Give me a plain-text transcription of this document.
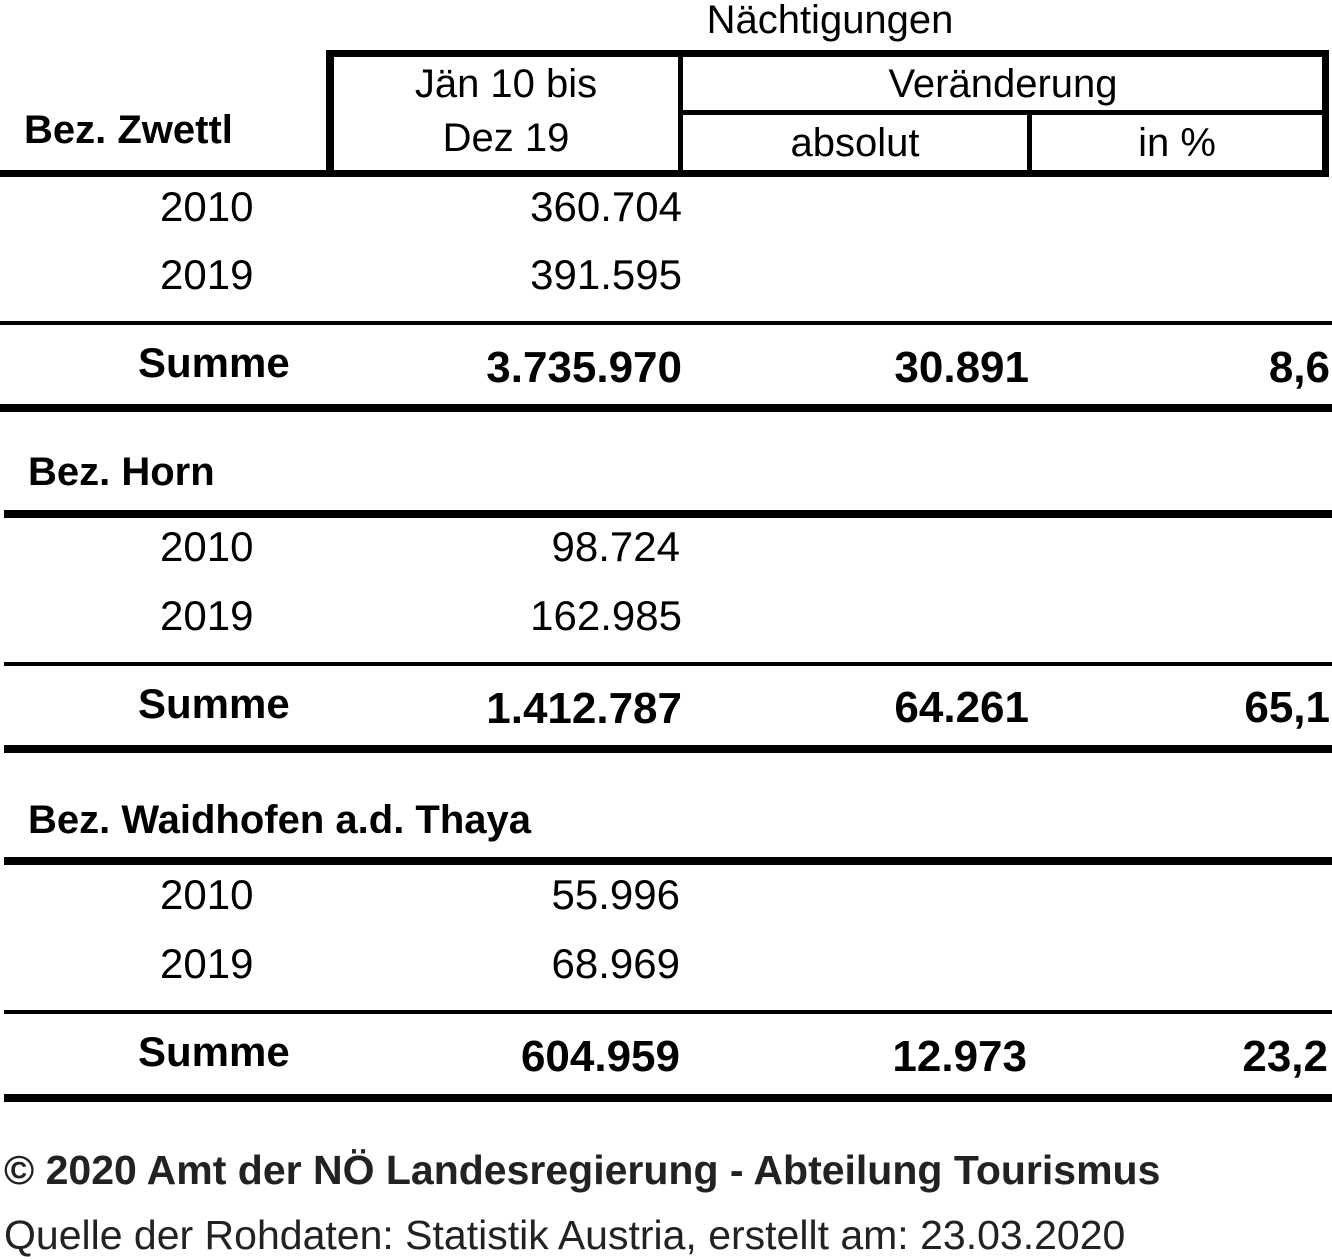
Nächtigungen
Bez. Zwettl
Jän 10 bis
Dez 19
Veränderung
absolut	in %
2010	360.704
2019	391.595
Summe	3.735.970	30.891	8,6
Bez. Horn
2010	98.724
2019	162.985
Summe	1.412.787	64.261	65,1
Bez. Waidhofen a.d. Thaya
2010	55.996
2019	68.969
Summe	604.959	12.973	23,2
© 2020 Amt der NÖ Landesregierung - Abteilung Tourismus
Quelle der Rohdaten: Statistik Austria, erstellt am: 23.03.2020
